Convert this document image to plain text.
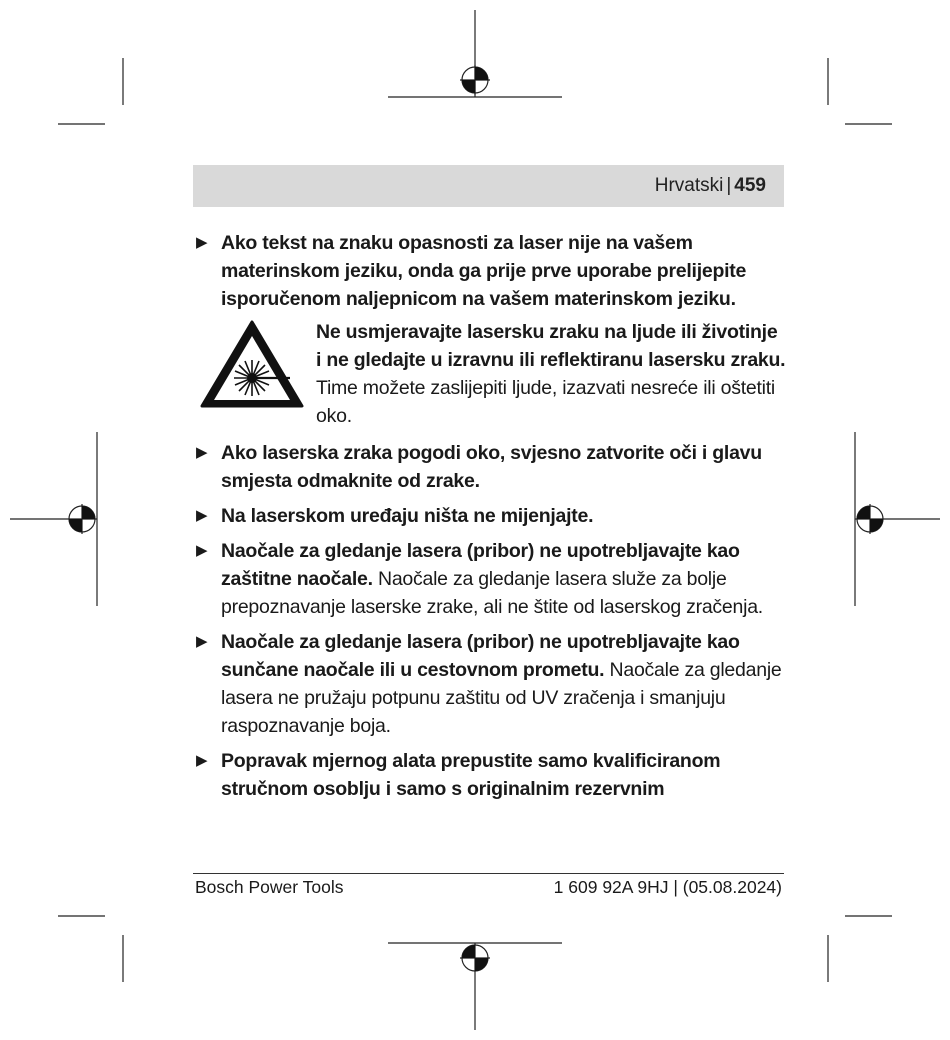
Hrvatski | 459
▶ Ako tekst na znaku opasnosti za laser nije na vašem materinskom jeziku, onda ga prije prve uporabe prelijepite isporučenom naljepnicom na vašem materinskom jeziku.
Ne usmjeravajte lasersku zraku na ljude ili životinje i ne gledajte u izravnu ili reflektiranu lasersku zraku. Time možete zaslijepiti ljude, izazvati nesreće ili oštetiti oko.
▶ Ako laserska zraka pogodi oko, svjesno zatvorite oči i glavu smjesta odmaknite od zrake.
▶ Na laserskom uređaju ništa ne mijenjajte.
▶ Naočale za gledanje lasera (pribor) ne upotrebljavajte kao zaštitne naočale. Naočale za gledanje lasera služe za bolje prepoznavanje laserske zrake, ali ne štite od laserskog zračenja.
▶ Naočale za gledanje lasera (pribor) ne upotrebljavajte kao sunčane naočale ili u cestovnom prometu. Naočale za gledanje lasera ne pružaju potpunu zaštitu od UV zračenja i smanjuju raspoznavanje boja.
▶ Popravak mjernog alata prepustite samo kvalificiranom stručnom osoblju i samo s originalnim rezervnim
Bosch Power Tools	1 609 92A 9HJ | (05.08.2024)
